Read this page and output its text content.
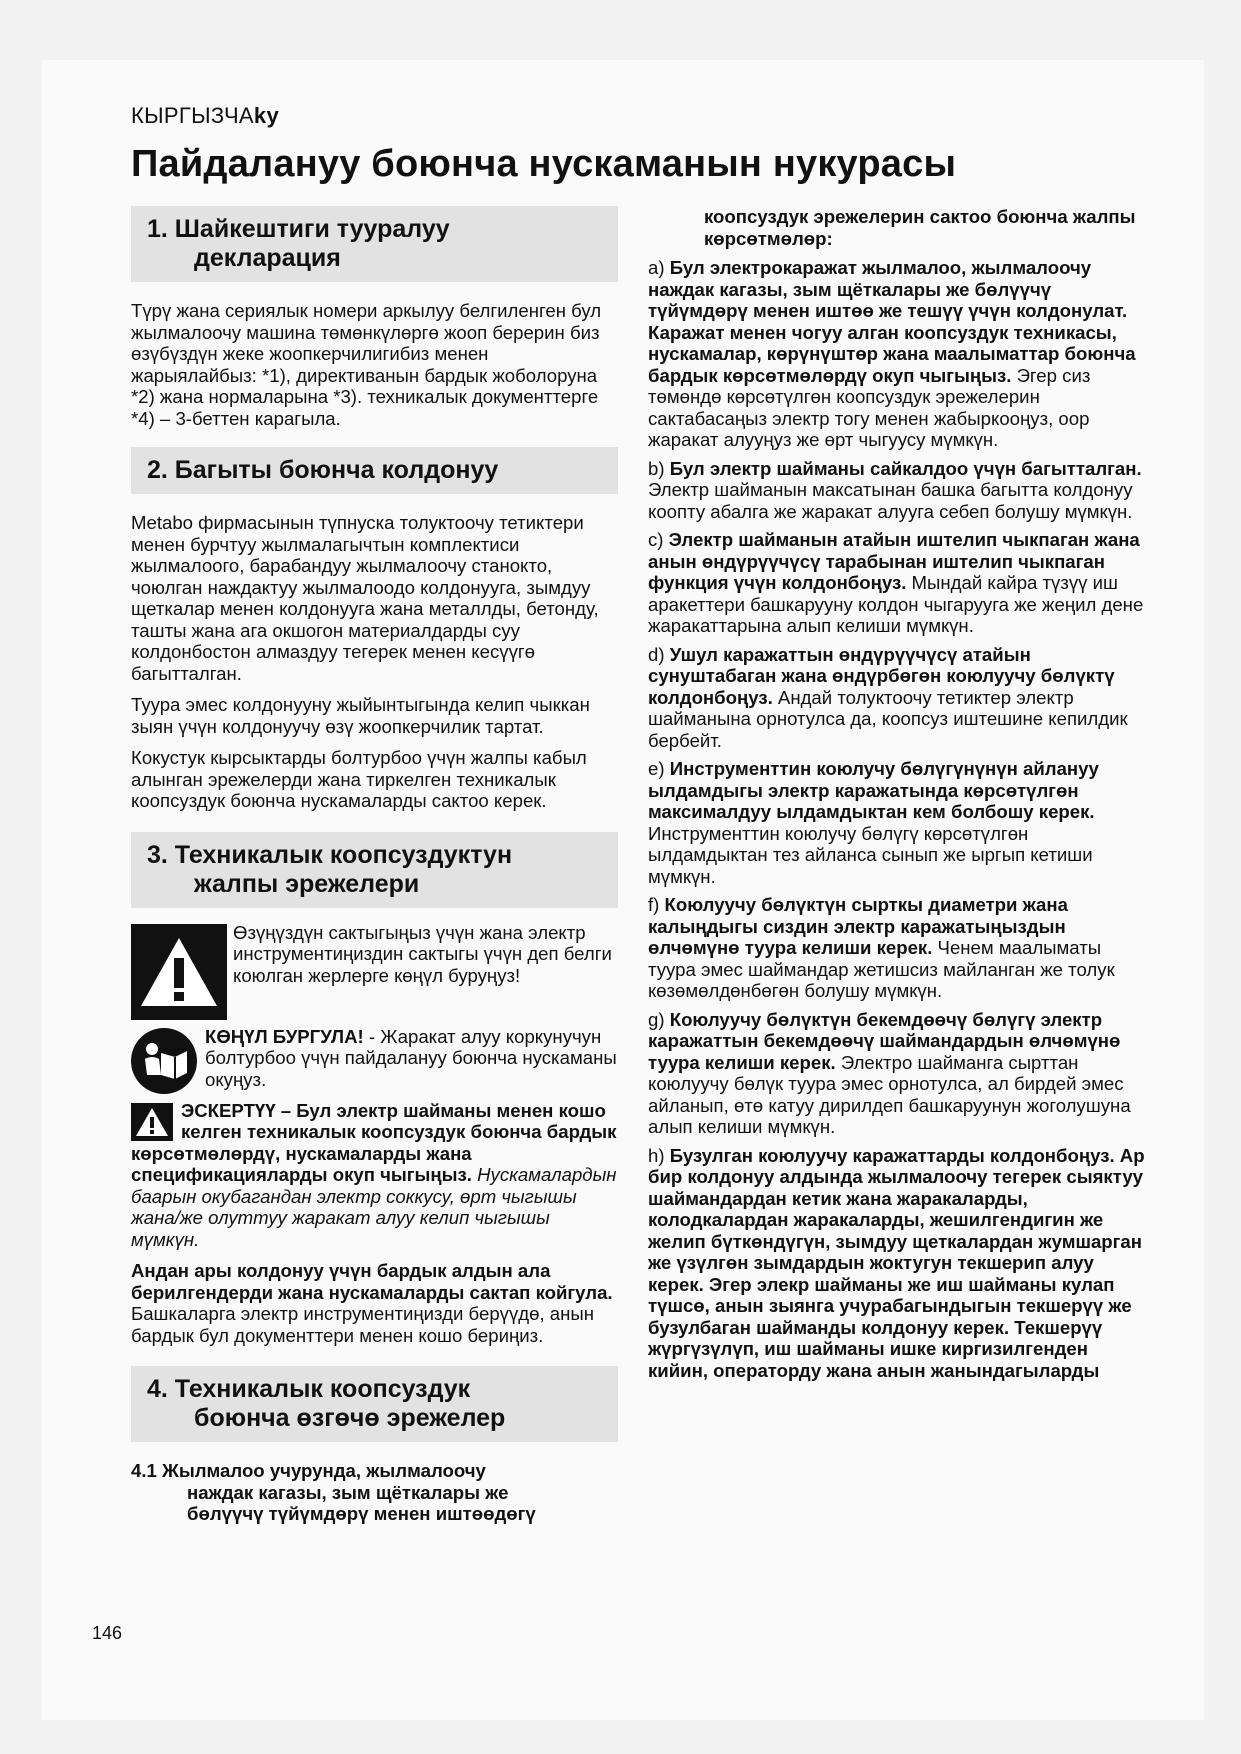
КЫРГЫЗЧАky
Пайдалануу боюнча нускаманын нукурасы
1. Шайкештиги тууралуу
декларация

Түрү жана сериялык номери аркылуу белгиленген бул жылмалоочу машина төмөнкүлөргө жооп берерин биз өзүбүздүн жеке жоопкерчилигибиз менен жарыялайбыз: *1), директиванын бардык жоболоруна *2) жана нормаларына *3). техникалык документтерге *4) – 3-беттен карагыла.

2. Багыты боюнча колдонуу

Metabo фирмасынын түпнуска толуктоочу тетиктери менен бурчтуу жылмалагычтын комплектиси жылмалоого, барабандуу жылмалоочу станокто, чоюлган наждактуу жылмалоодо колдонууга, зымдуу щеткалар менен колдонууга жана металлды, бетонду, ташты жана ага окшогон материалдарды суу колдонбостон алмаздуу тегерек менен кесүүгө багытталган.

Туура эмес колдонууну жыйынтыгында келип чыккан зыян үчүн колдонуучу өзү жоопкерчилик тартат.

Кокустук кырсыктарды болтурбоо үчүн жалпы кабыл алынган эрежелерди жана тиркелген техникалык коопсуздук боюнча нускамаларды сактоо керек.

3. Техникалык коопсуздуктун
жалпы эрежелери

Өзүңүздүн сактыгыңыз үчүн жана электр инструментиңиздин сактыгы үчүн деп белги коюлган жерлерге көңүл буруңуз!

КӨҢҮЛ БУРГУЛА! - Жаракат алуу коркунучун болтурбоо үчүн пайдалануу боюнча нускаманы окуңуз.

ЭСКЕРТҮҮ – Бул электр шайманы менен кошо келген техникалык коопсуздук боюнча бардык көрсөтмөлөрдү, нускамаларды жана спецификацияларды окуп чыгыңыз. Нускамалардын баарын окубагандан электр соккусу, өрт чыгышы жана/же олуттуу жаракат алуу келип чыгышы мүмкүн.

Андан ары колдонуу үчүн бардык алдын ала берилгендерди жана нускамаларды сактап койгула.
Башкаларга электр инструментиңизди берүүдө, анын бардык бул документтери менен кошо бериңиз.

4. Техникалык коопсуздук
боюнча өзгөчө эрежелер

4.1 Жылмалоо учурунда, жылмалоочу
наждак кагазы, зым щёткалары же
бөлүүчү түйүмдөрү менен иштөөдөгү

коопсуздук эрежелерин сактоо боюнча жалпы көрсөтмөлөр:

a) Бул электрокаражат жылмалоо, жылмалоочу наждак кагазы, зым щёткалары же бөлүүчү түйүмдөрү менен иштөө же тешүү үчүн колдонулат. Каражат менен чогуу алган коопсуздук техникасы, нускамалар, көрүнүштөр жана маалыматтар боюнча бардык көрсөтмөлөрдү окуп чыгыңыз. Эгер сиз төмөндө көрсөтүлгөн коопсуздук эрежелерин сактабасаңыз электр тогу менен жабыркооңуз, оор жаракат алууңуз же өрт чыгуусу мүмкүн.

b) Бул электр шайманы сайкалдоо үчүн багытталган. Электр шайманын максатынан башка багытта колдонуу коопту абалга же жаракат алууга себеп болушу мүмкүн.

c) Электр шайманын атайын иштелип чыкпаган жана анын өндүрүүчүсү тарабынан иштелип чыкпаган функция үчүн колдонбоңуз. Мындай кайра түзүү иш аракеттери башкарууну колдон чыгарууга же жеңил дене жаракаттарына алып келиши мүмкүн.

d) Ушул каражаттын өндүрүүчүсү атайын сунуштабаган жана өндүрбөгөн коюлуучу бөлүктү колдонбоңуз. Андай толуктоочу тетиктер электр шайманына орнотулса да, коопсуз иштешине кепилдик бербейт.

e) Инструменттин коюлучу бөлүгүнүнүн айлануу ылдамдыгы электр каражатында көрсөтүлгөн максималдуу ылдамдыктан кем болбошу керек. Инструменттин коюлучу бөлүгү көрсөтүлгөн ылдамдыктан тез айланса сынып же ыргып кетиши мүмкүн.

f) Коюлуучу бөлүктүн сырткы диаметри жана калыңдыгы сиздин электр каражатыңыздын өлчөмүнө туура келиши керек. Ченем маалыматы туура эмес шаймандар жетишсиз майланган же толук көзөмөлдөнбөгөн болушу мүмкүн.

g) Коюлуучу бөлүктүн бекемдөөчү бөлүгү электр каражаттын бекемдөөчү шаймандардын өлчөмүнө туура келиши керек. Электро шайманга сырттан коюлуучу бөлүк туура эмес орнотулса, ал бирдей эмес айланып, өтө катуу дирилдеп башкаруунун жоголушуна алып келиши мүмкүн.

h) Бузулган коюлуучу каражаттарды колдонбоңуз. Ар бир колдонуу алдында жылмалоочу тегерек сыяктуу шаймандардан кетик жана жаракаларды, колодкалардан жаракаларды, жешилгендигин же желип бүткөндүгүн, зымдуу щеткалардан жумшарган же үзүлгөн зымдардын жоктугун текшерип алуу керек. Эгер элекр шайманы же иш шайманы кулап түшсө, анын зыянга учурабагындыгын текшерүү же бузулбаган шайманды колдонуу керек. Текшерүү жүргүзүлүп, иш шайманы ишке киргизилгенден кийин, операторду жана анын жанындагыларды

146
